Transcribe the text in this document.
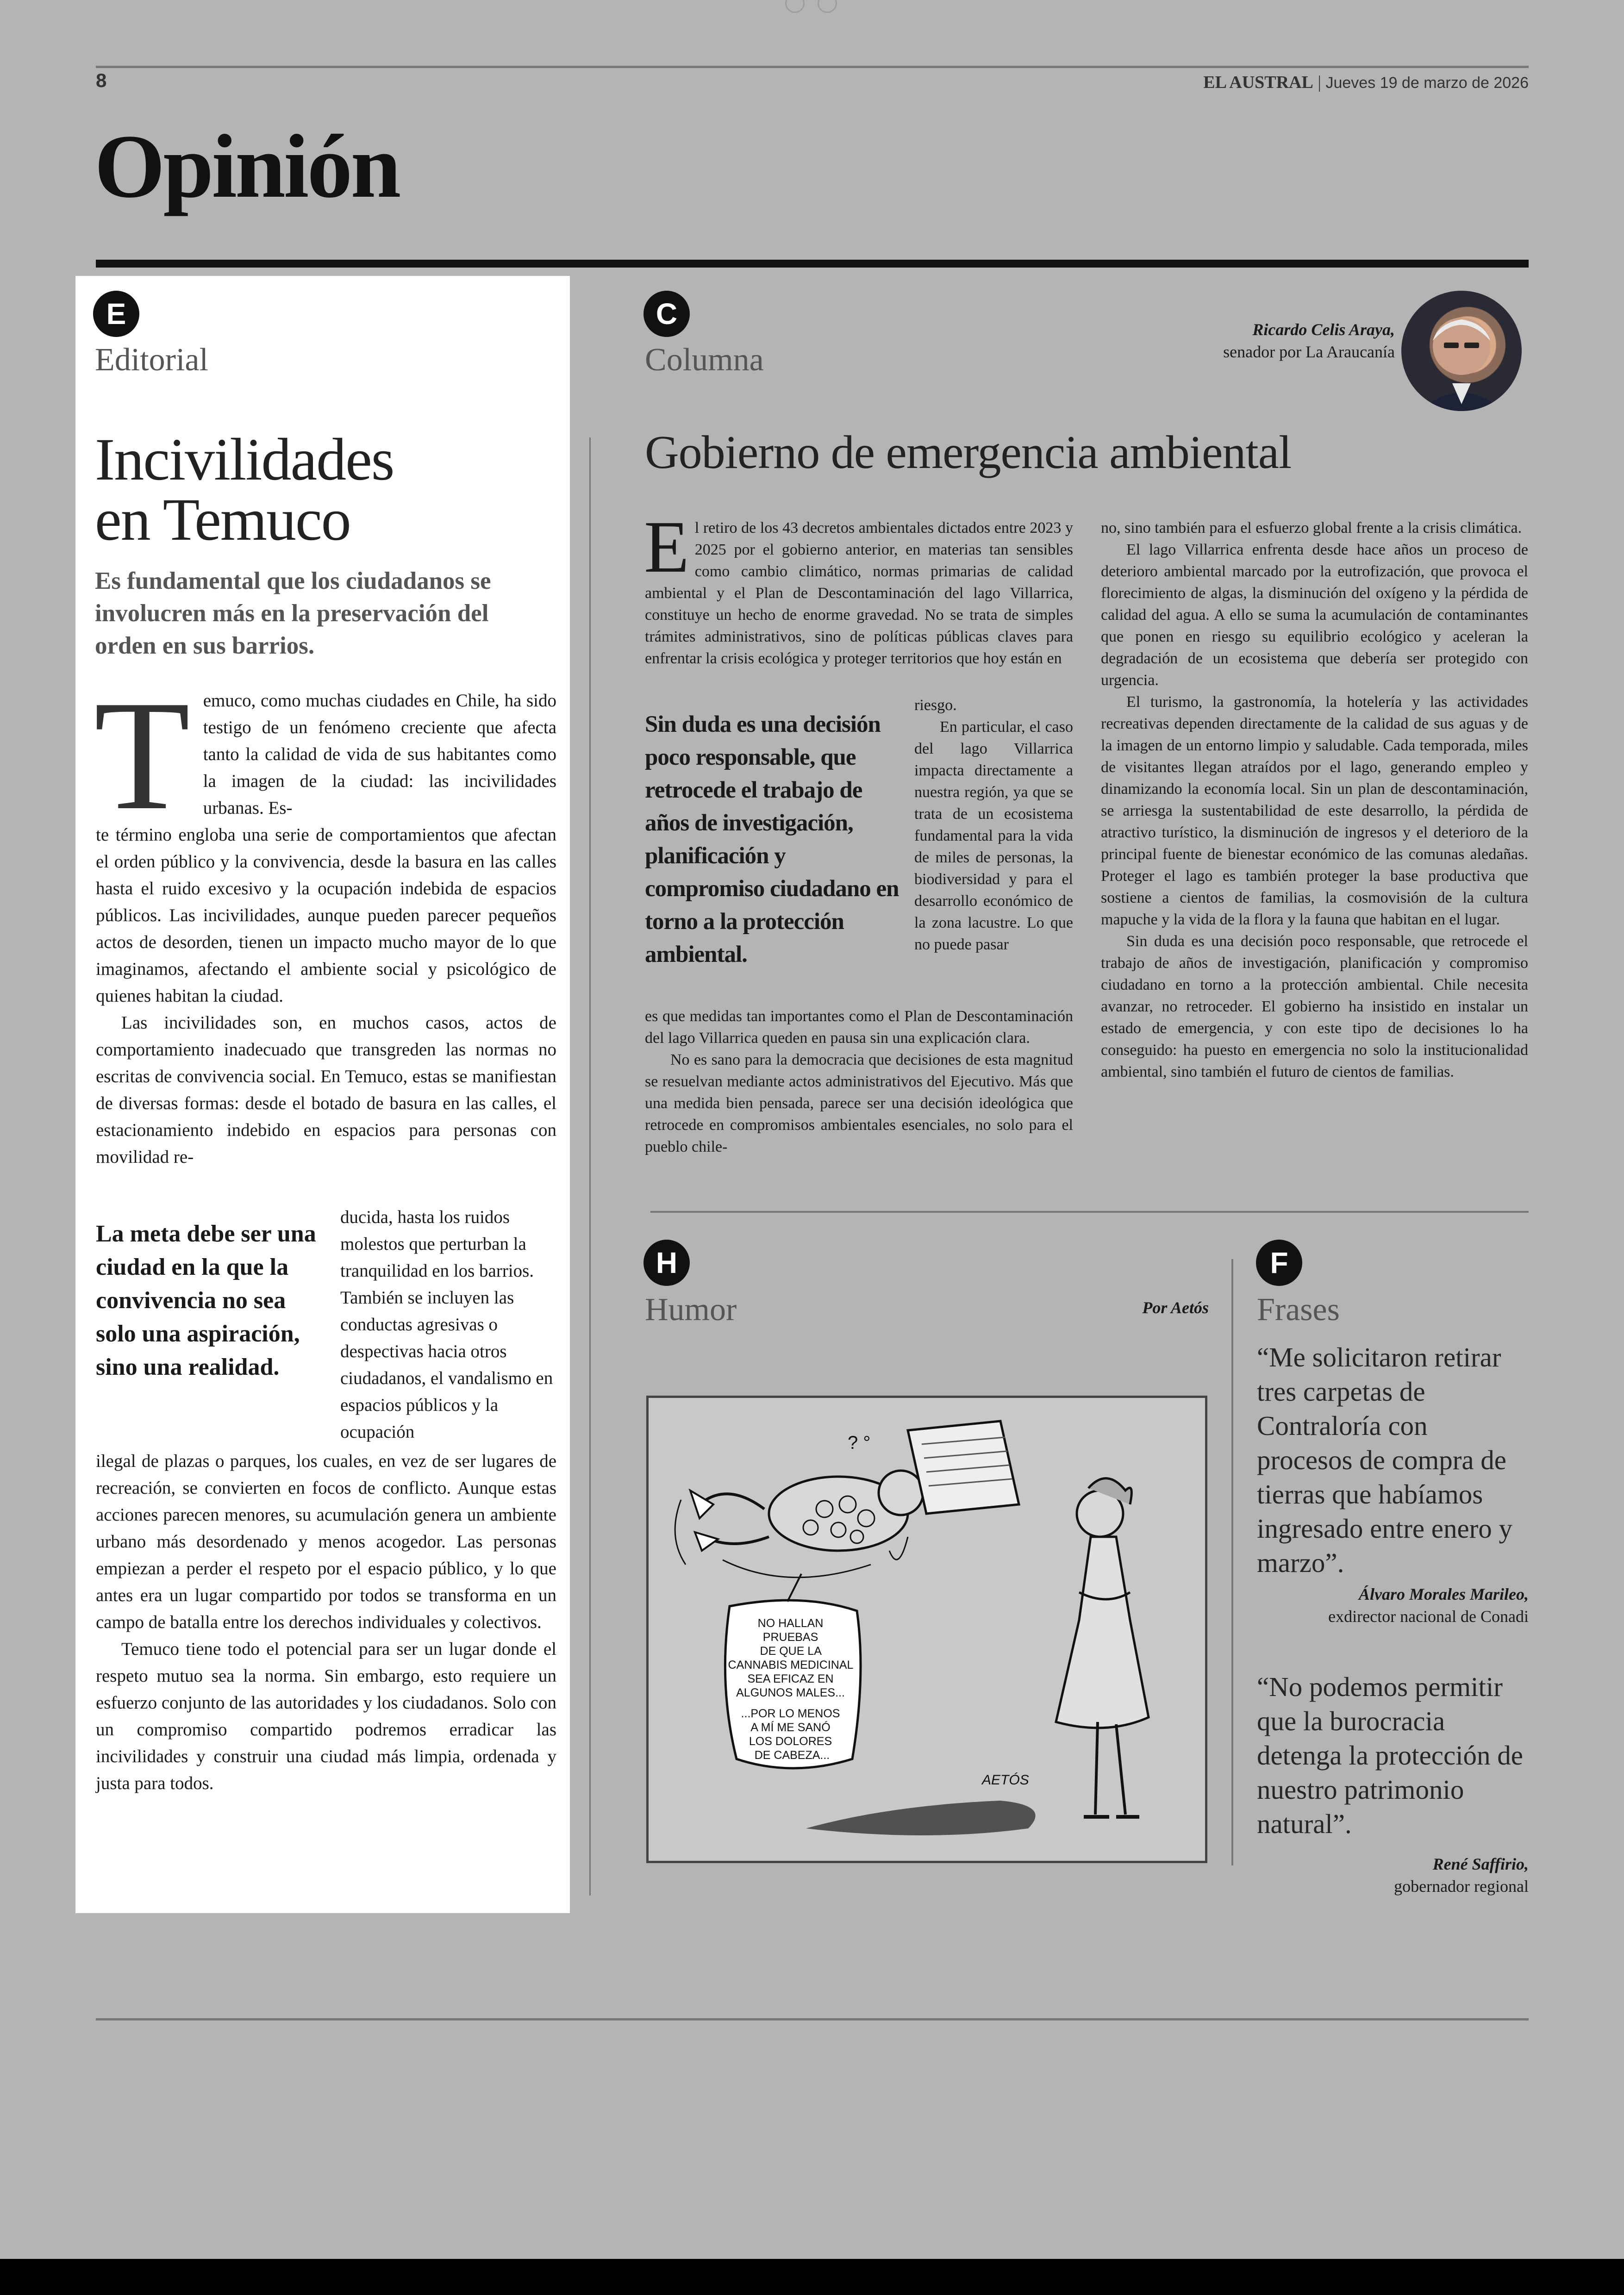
8	EL AUSTRAL | Jueves 19 de marzo de 2026
Opinión
E
Editorial
Incivilidades
en Temuco
Es fundamental que los ciudadanos se involucren más en la preservación del orden en sus barrios.
T emuco, como muchas ciudades en Chile, ha sido testigo de un fenómeno creciente que afecta tanto la calidad de vida de sus habitantes como la imagen de la ciudad: las incivilidades urbanas. Es-

te término engloba una serie de comportamientos que afectan el orden público y la convivencia, desde la basura en las calles hasta el ruido excesivo y la ocupación indebida de espacios públicos. Las incivilidades, aunque pueden parecer pequeños actos de desorden, tienen un impacto mucho mayor de lo que imaginamos, afectando el ambiente social y psicológico de quienes habitan la ciudad.

Las incivilidades son, en muchos casos, actos de comportamiento inadecuado que transgreden las normas no escritas de convivencia social. En Temuco, estas se manifiestan de diversas formas: desde el botado de basura en las calles, el estacionamiento indebido en espacios para personas con movilidad re-

La meta debe ser una ciudad en la que la convivencia no sea solo una aspiración, sino una realidad.

ducida, hasta los ruidos molestos que perturban la tranquilidad en los barrios. También se incluyen las conductas agresivas o despectivas hacia otros ciudadanos, el vandalismo en espacios públicos y la ocupación

ilegal de plazas o parques, los cuales, en vez de ser lugares de recreación, se convierten en focos de conflicto. Aunque estas acciones parecen menores, su acumulación genera un ambiente urbano más desordenado y menos acogedor. Las personas empiezan a perder el respeto por el espacio público, y lo que antes era un lugar compartido por todos se transforma en un campo de batalla entre los derechos individuales y colectivos.

Temuco tiene todo el potencial para ser un lugar donde el respeto mutuo sea la norma. Sin embargo, esto requiere un esfuerzo conjunto de las autoridades y los ciudadanos. Solo con un compromiso compartido podremos erradicar las incivilidades y construir una ciudad más limpia, ordenada y justa para todos.

C
Columna
Ricardo Celis Araya,
senador por La Araucanía
Gobierno de emergencia ambiental
E l retiro de los 43 decretos ambientales dictados entre 2023 y 2025 por el gobierno anterior, en materias tan sensibles como cambio climático, normas primarias de calidad ambiental y el Plan de Descontaminación del lago Villarrica, constituye un hecho de enorme gravedad. No se trata de simples trámites administrativos, sino de políticas públicas claves para enfrentar la crisis ecológica y proteger territorios que hoy están en

riesgo.

Sin duda es una decisión poco responsable, que retrocede el trabajo de años de investigación, planificación y compromiso ciudadano en torno a la protección ambiental.

En particular, el caso del lago Villarrica impacta directamente a nuestra región, ya que se trata de un ecosistema fundamental para la vida de miles de personas, la biodiversidad y para el desarrollo económico de la zona lacustre. Lo que no puede pasar

es que medidas tan importantes como el Plan de Descontaminación del lago Villarrica queden en pausa sin una explicación clara.

No es sano para la democracia que decisiones de esta magnitud se resuelvan mediante actos administrativos del Ejecutivo. Más que una medida bien pensada, parece ser una decisión ideológica que retrocede en compromisos ambientales esenciales, no solo para el pueblo chile-

no, sino también para el esfuerzo global frente a la crisis climática.

El lago Villarrica enfrenta desde hace años un proceso de deterioro ambiental marcado por la eutrofización, que provoca el florecimiento de algas, la disminución del oxígeno y la pérdida de calidad del agua. A ello se suma la acumulación de contaminantes que ponen en riesgo su equilibrio ecológico y aceleran la degradación de un ecosistema que debería ser protegido con urgencia.

El turismo, la gastronomía, la hotelería y las actividades recreativas dependen directamente de la calidad de sus aguas y de la imagen de un entorno limpio y saludable. Cada temporada, miles de visitantes llegan atraídos por el lago, generando empleo y dinamizando la economía local. Sin un plan de descontaminación, se arriesga la sustentabilidad de este desarrollo, la pérdida de atractivo turístico, la disminución de ingresos y el deterioro de la principal fuente de bienestar económico de las comunas aledañas. Proteger el lago es también proteger la base productiva que sostiene a cientos de familias, la cosmovisión de la cultura mapuche y la vida de la flora y la fauna que habitan en el lugar.

Sin duda es una decisión poco responsable, que retrocede el trabajo de años de investigación, planificación y compromiso ciudadano en torno a la protección ambiental. Chile necesita avanzar, no retroceder. El gobierno ha insistido en instalar un estado de emergencia, y con este tipo de decisiones lo ha conseguido: ha puesto en emergencia no solo la institucionalidad ambiental, sino también el futuro de cientos de familias.

H
Humor	Por Aetós
? °
NO HALLAN PRUEBAS DE QUE LA CANNABIS MEDICINAL SEA EFICAZ EN ALGUNOS MALES... ...POR LO MENOS A MÍ ME SANÓ LOS DOLORES DE CABEZA...
AETÓS
F
Frases
“Me solicitaron retirar tres carpetas de Contraloría con procesos de compra de tierras que habíamos ingresado entre enero y marzo”.
Álvaro Morales Marileo,
exdirector nacional de Conadi
“No podemos permitir que la burocracia detenga la protección de nuestro patrimonio natural”.
René Saffirio,
gobernador regional
